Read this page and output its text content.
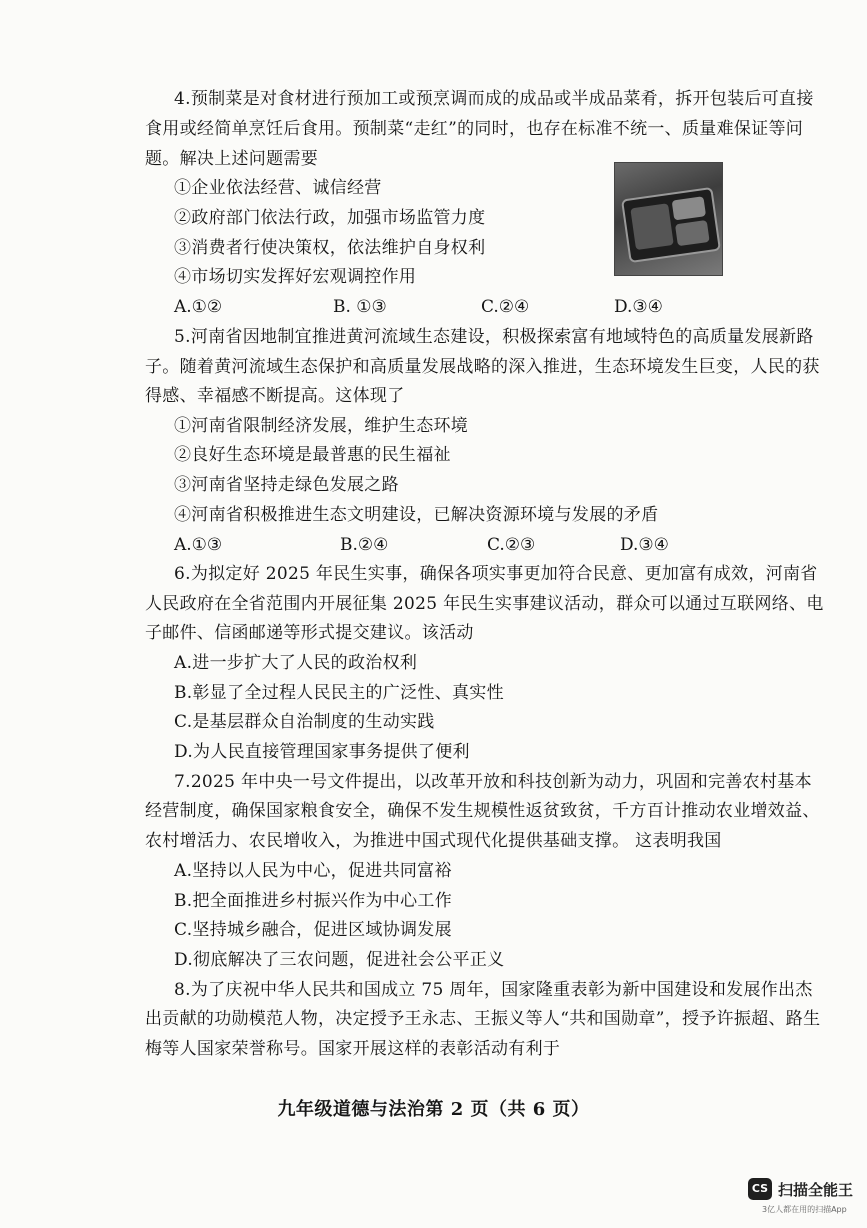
4.预制菜是对食材进行预加工或预烹调而成的成品或半成品菜肴，拆开包装后可直接
食用或经简单烹饪后食用。预制菜“走红”的同时，也存在标准不统一、质量难保证等问
题。解决上述问题需要
①企业依法经营、诚信经营
②政府部门依法行政，加强市场监管力度
③消费者行使决策权，依法维护自身权利
④市场切实发挥好宏观调控作用
A.①②	B. ①③	C.②④	D.③④
5.河南省因地制宜推进黄河流域生态建设，积极探索富有地域特色的高质量发展新路
子。随着黄河流域生态保护和高质量发展战略的深入推进，生态环境发生巨变，人民的获
得感、幸福感不断提高。这体现了
①河南省限制经济发展，维护生态环境
②良好生态环境是最普惠的民生福祉
③河南省坚持走绿色发展之路
④河南省积极推进生态文明建设，已解决资源环境与发展的矛盾
A.①③	B.②④	C.②③	D.③④
6.为拟定好 2025 年民生实事，确保各项实事更加符合民意、更加富有成效，河南省
人民政府在全省范围内开展征集 2025 年民生实事建议活动，群众可以通过互联网络、电
子邮件、信函邮递等形式提交建议。该活动
A.进一步扩大了人民的政治权利
B.彰显了全过程人民民主的广泛性、真实性
C.是基层群众自治制度的生动实践
D.为人民直接管理国家事务提供了便利
7.2025 年中央一号文件提出，以改革开放和科技创新为动力，巩固和完善农村基本
经营制度，确保国家粮食安全，确保不发生规模性返贫致贫，千方百计推动农业增效益、
农村增活力、农民增收入，为推进中国式现代化提供基础支撑。 这表明我国
A.坚持以人民为中心，促进共同富裕
B.把全面推进乡村振兴作为中心工作
C.坚持城乡融合，促进区域协调发展
D.彻底解决了三农问题，促进社会公平正义
8.为了庆祝中华人民共和国成立 75 周年，国家隆重表彰为新中国建设和发展作出杰
出贡献的功勋模范人物，决定授予王永志、王振义等人“共和国勋章”，授予许振超、路生
梅等人国家荣誉称号。国家开展这样的表彰活动有利于
九年级道德与法治第 2 页（共 6 页）
CS 扫描全能王
3亿人都在用的扫描App
